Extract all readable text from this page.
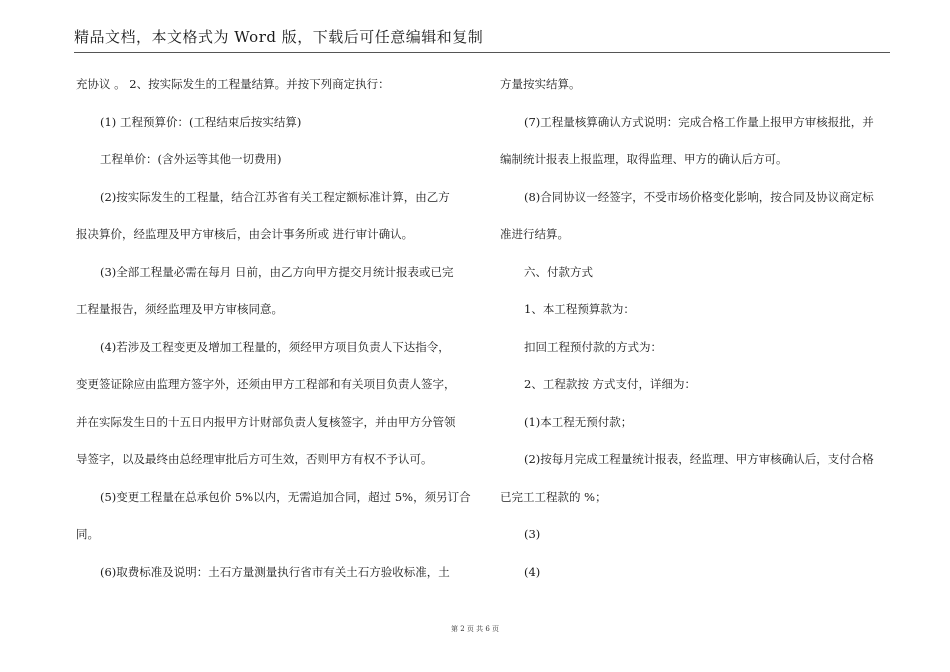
精品文档，本文格式为 Word 版，下载后可任意编辑和复制
充协议 。 2、按实际发生的工程量结算。并按下列商定执行：
(1) 工程预算价：(工程结束后按实结算)
工程单价：(含外运等其他一切费用)
(2)按实际发生的工程量，结合江苏省有关工程定额标准计算，由乙方
报决算价，经监理及甲方审核后，由会计事务所或 进行审计确认。
(3)全部工程量必需在每月 日前，由乙方向甲方提交月统计报表或已完
工程量报告，须经监理及甲方审核同意。
(4)若涉及工程变更及增加工程量的，须经甲方项目负责人下达指令，
变更签证除应由监理方签字外，还须由甲方工程部和有关项目负责人签字，
并在实际发生日的十五日内报甲方计财部负责人复核签字，并由甲方分管领
导签字，以及最终由总经理审批后方可生效，否则甲方有权不予认可。
(5)变更工程量在总承包价 5%以内，无需追加合同，超过 5%，须另订合
同。
(6)取费标准及说明：土石方量测量执行省市有关土石方验收标准，土
方量按实结算。
(7)工程量核算确认方式说明：完成合格工作量上报甲方审核报批，并
编制统计报表上报监理，取得监理、甲方的确认后方可。
(8)合同协议一经签字，不受市场价格变化影响，按合同及协议商定标
准进行结算。
六、付款方式
1、本工程预算款为：
扣回工程预付款的方式为：
2、工程款按 方式支付，详细为：
(1)本工程无预付款；
(2)按每月完成工程量统计报表，经监理、甲方审核确认后，支付合格
已完工工程款的 %；
(3)
(4)
第 2 页 共 6 页
